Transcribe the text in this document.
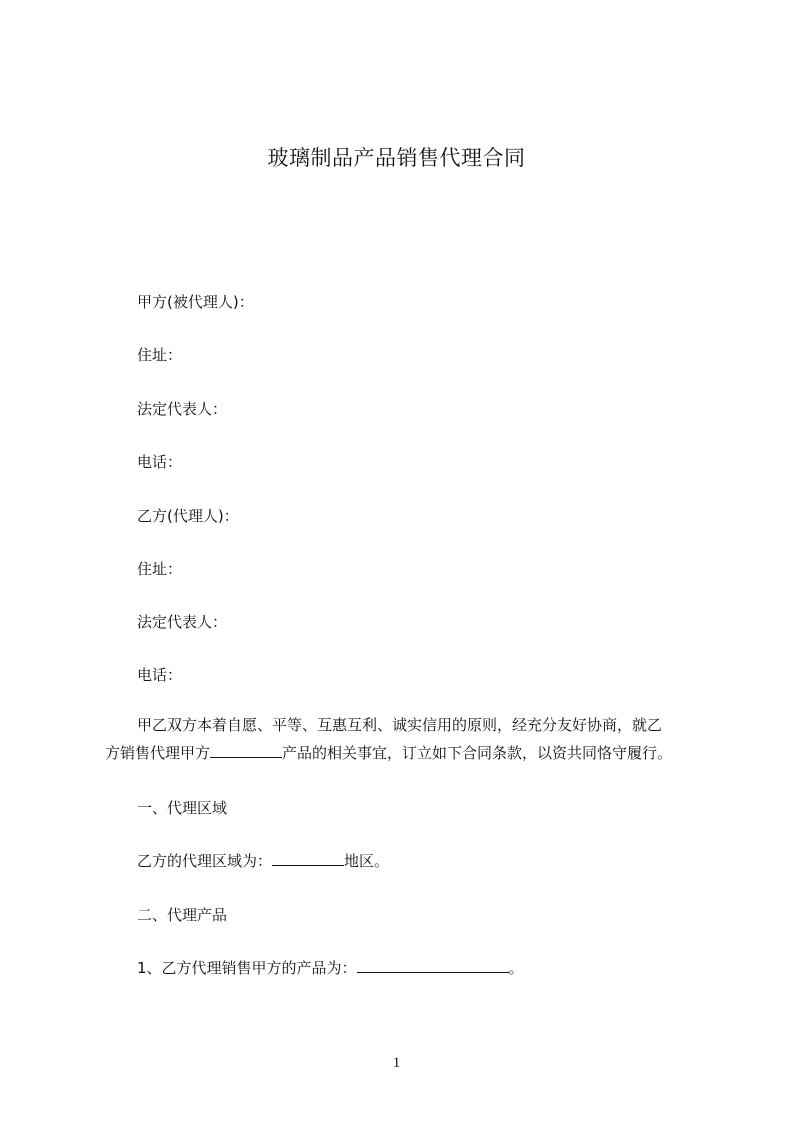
玻璃制品产品销售代理合同
甲方(被代理人)：
住址：
法定代表人：
电话：
乙方(代理人)：
住址：
法定代表人：
电话：
甲乙双方本着自愿、平等、互惠互利、诚实信用的原则，经充分友好协商，就乙
方销售代理甲方	产品的相关事宜，订立如下合同条款，以资共同恪守履行。
一、代理区域
乙方的代理区域为：	地区。
二、代理产品
1、乙方代理销售甲方的产品为：	。
1
